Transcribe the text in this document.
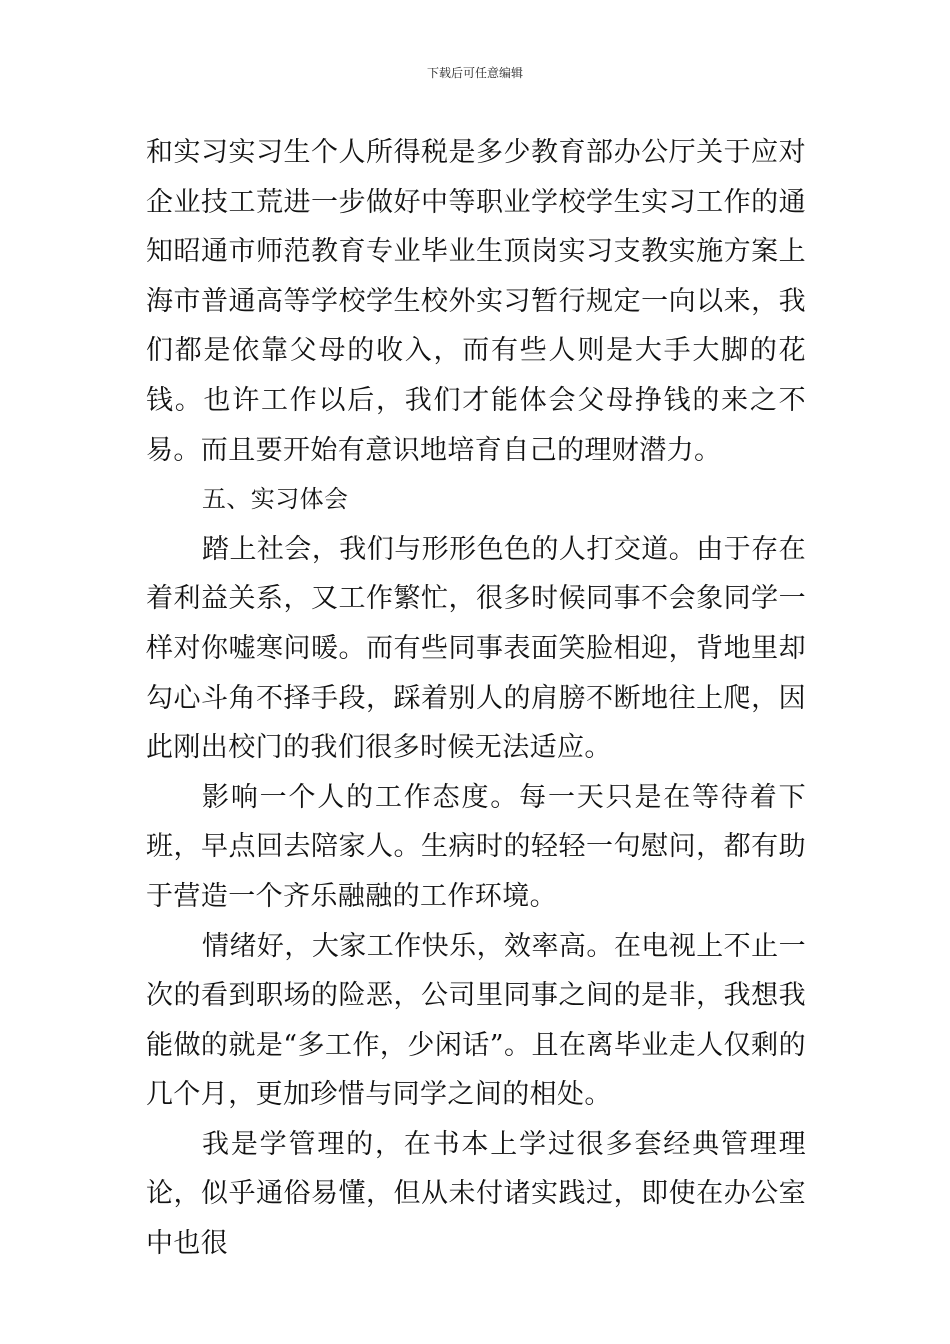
下载后可任意编辑

和实习实习生个人所得税是多少教育部办公厅关于应对企业技工荒进一步做好中等职业学校学生实习工作的通知昭通市师范教育专业毕业生顶岗实习支教实施方案上海市普通高等学校学生校外实习暂行规定一向以来，我们都是依靠父母的收入，而有些人则是大手大脚的花钱。也许工作以后，我们才能体会父母挣钱的来之不易。而且要开始有意识地培育自己的理财潜力。

五、实习体会

踏上社会，我们与形形色色的人打交道。由于存在着利益关系，又工作繁忙，很多时候同事不会象同学一样对你嘘寒问暖。而有些同事表面笑脸相迎，背地里却勾心斗角不择手段，踩着别人的肩膀不断地往上爬，因此刚出校门的我们很多时候无法适应。

影响一个人的工作态度。每一天只是在等待着下班，早点回去陪家人。生病时的轻轻一句慰问，都有助于营造一个齐乐融融的工作环境。

情绪好，大家工作快乐，效率高。在电视上不止一次的看到职场的险恶，公司里同事之间的是非，我想我能做的就是“多工作，少闲话”。且在离毕业走人仅剩的几个月，更加珍惜与同学之间的相处。

我是学管理的，在书本上学过很多套经典管理理论，似乎通俗易懂，但从未付诸实践过，即使在办公室中也很
